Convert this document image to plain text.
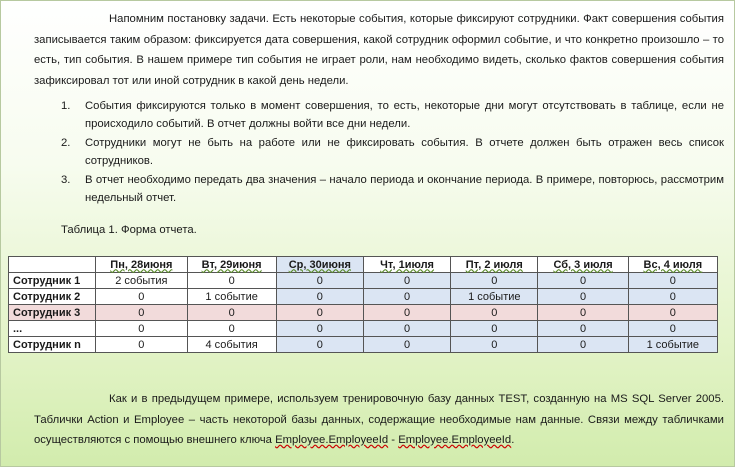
Напомним постановку задачи. Есть некоторые события, которые фиксируют сотрудники. Факт совершения события записывается таким образом: фиксируется дата совершения, какой сотрудник оформил событие, и что конкретно произошло – то есть, тип события. В нашем примере тип события не играет роли, нам необходимо видеть, сколько фактов совершения события зафиксировал тот или иной сотрудник в какой день недели.
1. События фиксируются только в момент совершения, то есть, некоторые дни могут отсутствовать в таблице, если не происходило событий. В отчет должны войти все дни недели.
2. Сотрудники могут не быть на работе или не фиксировать события. В отчете должен быть отражен весь список сотрудников.
3. В отчет необходимо передать два значения – начало периода и окончание периода. В примере, повторюсь, рассмотрим недельный отчет.
Таблица 1. Форма отчета.
	Пн, 28июня	Вт, 29июня	Ср, 30июня	Чт, 1июля	Пт, 2 июля	Сб, 3 июля	Вс, 4 июля
Сотрудник 1	2 события	0	0	0	0	0	0
Сотрудник 2	0	1 событие	0	0	1 событие	0	0
Сотрудник 3	0	0	0	0	0	0	0
...	0	0	0	0	0	0	0
Сотрудник n	0	4 события	0	0	0	0	1 событие
Как и в предыдущем примере, используем тренировочную базу данных TEST, созданную на MS SQL Server 2005. Таблички Action и Employee – часть некоторой базы данных, содержащие необходимые нам данные. Связи между табличками осуществляются с помощью внешнего ключа Employee.EmployeeId - Employee.EmployeeId.
